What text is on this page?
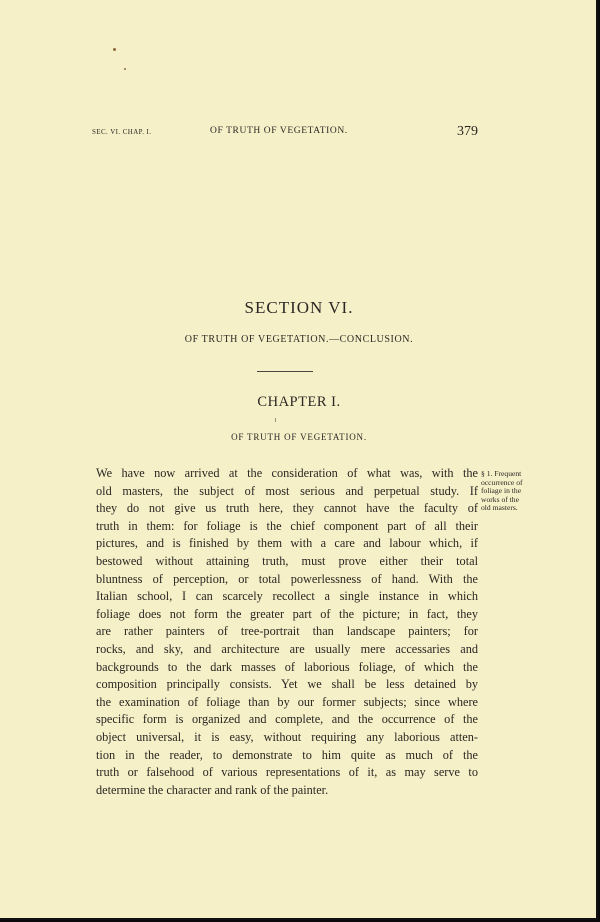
SEC. VI. CHAP. I.	OF TRUTH OF VEGETATION.	379
SECTION VI.
OF TRUTH OF VEGETATION.—CONCLUSION.
CHAPTER I.
OF TRUTH OF VEGETATION.
We have now arrived at the consideration of what was, with the
old masters, the subject of most serious and perpetual study. If
they do not give us truth here, they cannot have the faculty of
truth in them: for foliage is the chief component part of all their
pictures, and is finished by them with a care and labour which, if
bestowed without attaining truth, must prove either their total
bluntness of perception, or total powerlessness of hand. With the
Italian school, I can scarcely recollect a single instance in which
foliage does not form the greater part of the picture; in fact, they
are rather painters of tree-portrait than landscape painters; for
rocks, and sky, and architecture are usually mere accessaries and
backgrounds to the dark masses of laborious foliage, of which the
composition principally consists. Yet we shall be less detained by
the examination of foliage than by our former subjects; since where
specific form is organized and complete, and the occurrence of the
object universal, it is easy, without requiring any laborious atten-
tion in the reader, to demonstrate to him quite as much of the
truth or falsehood of various representations of it, as may serve to
determine the character and rank of the painter.
§ 1. Frequent
occurrence of
foliage in the
works of the
old masters.
